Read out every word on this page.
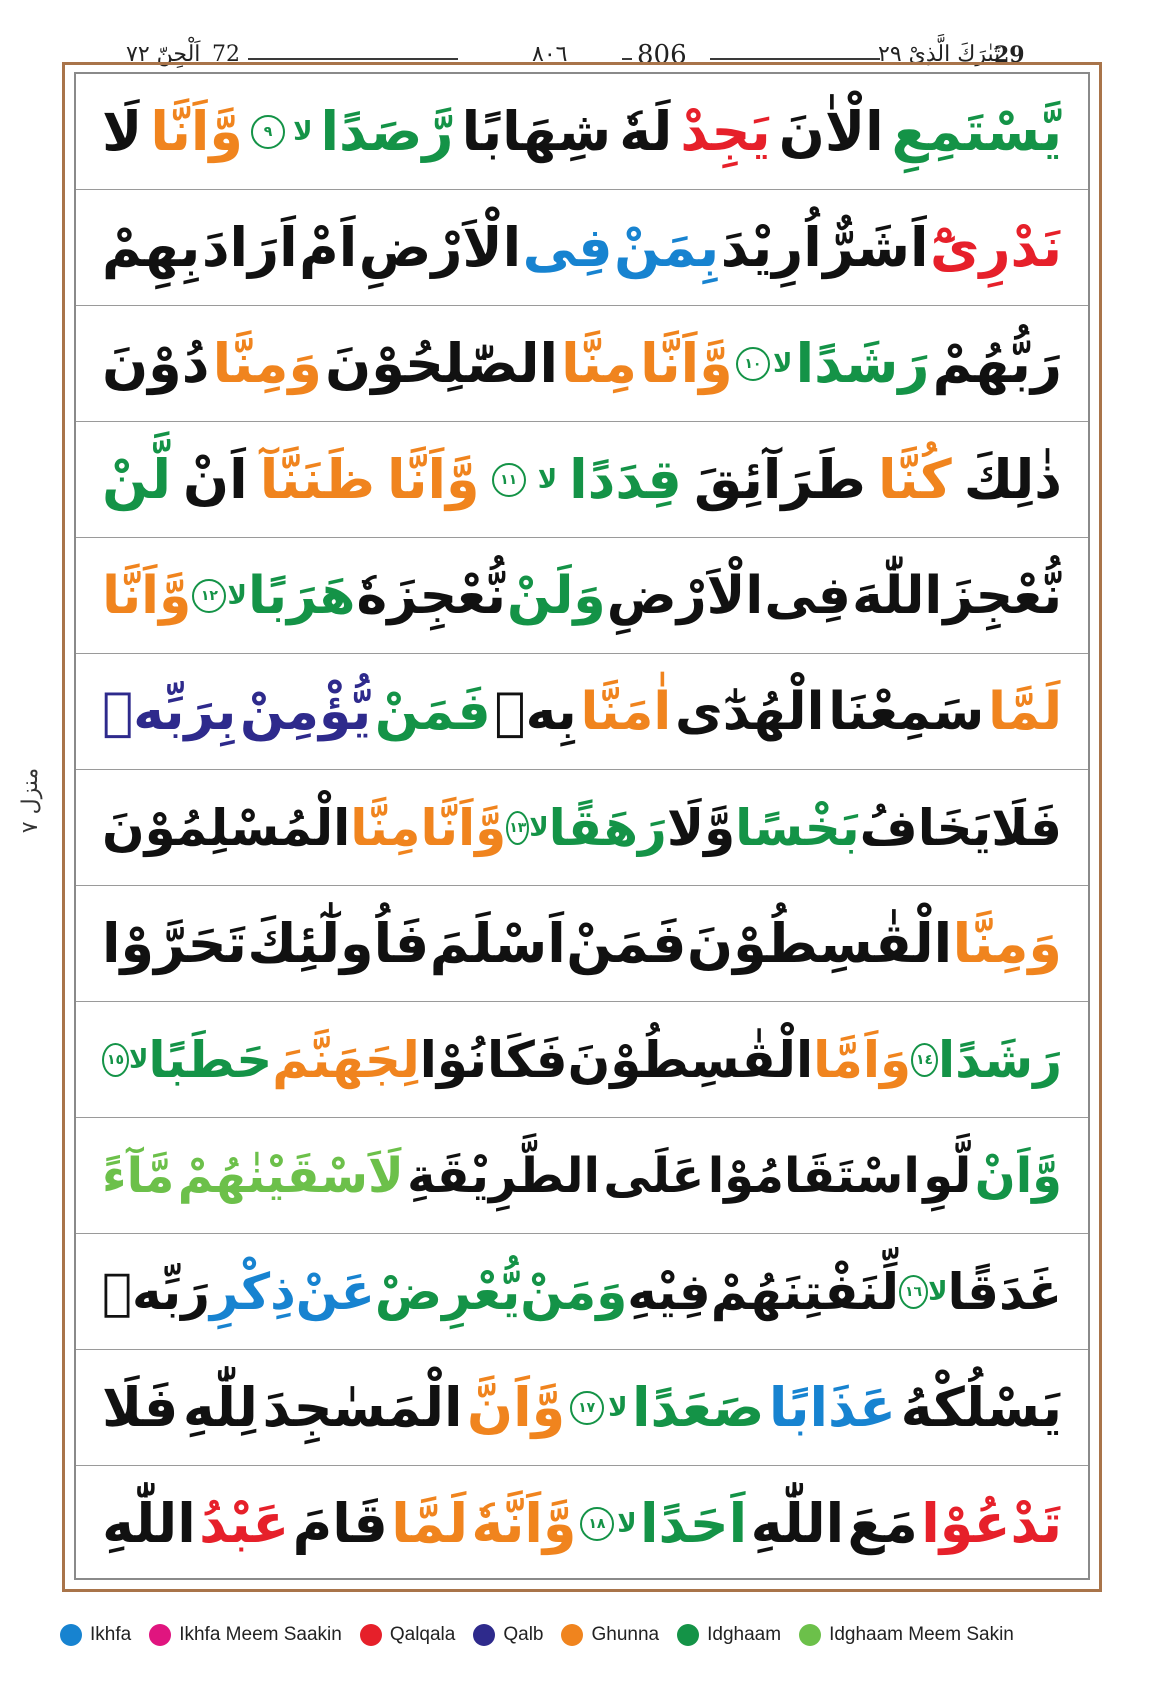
اَلْجِنّ ٧٢ 72	٨٠٦	806	تَبٰرَكَ الَّذِىْ ٢٩
29
منزل ٧
يَّسْتَمِعِ
الْاٰنَ
يَجِدْ
لَهٗ
شِهَابًا
رَّصَدًا
لا
٩
وَّاَنَّا
لَا
نَدْرِىْٓ
اَشَرٌّ
اُرِيْدَ
بِمَنْ
فِى
الْاَرْضِ
اَمْ
اَرَادَ
بِهِمْ
رَبُّهُمْ
رَشَدًا
لا
١٠
وَّاَنَّا
مِنَّا
الصّٰلِحُوْنَ
وَمِنَّا
دُوْنَ
ذٰلِكَ
كُنَّا
طَرَآئِقَ
قِدَدًا
لا
١١
وَّاَنَّا
ظَنَنَّآ
اَنْ
لَّنْ
نُّعْجِزَ
اللّٰهَ
فِى
الْاَرْضِ
وَلَنْ
نُّعْجِزَهٗ
هَرَبًا
لا
١٢
وَّاَنَّا
لَمَّا
سَمِعْنَا
الْهُدٰٓى
اٰمَنَّا
بِهٖ
فَمَنْ
يُّؤْمِنْ
بِرَبِّهٖ
فَلَا
يَخَافُ
بَخْسًا
وَّلَا
رَهَقًا
لا
١٣
وَّاَنَّا
مِنَّا
الْمُسْلِمُوْنَ
وَمِنَّا
الْقٰسِطُوْنَ
فَمَنْ
اَسْلَمَ
فَاُولٰٓئِكَ
تَحَرَّوْا
رَشَدًا
١٤
وَاَمَّا
الْقٰسِطُوْنَ
فَكَانُوْا
لِجَهَنَّمَ
حَطَبًا
لا
١٥
وَّاَنْ
لَّوِ
اسْتَقَامُوْا
عَلَى
الطَّرِيْقَةِ
لَاَسْقَيْنٰهُمْ
مَّآءً
غَدَقًا
لا
١٦
لِّنَفْتِنَهُمْ
فِيْهِ
وَمَنْ
يُّعْرِضْ
عَنْ
ذِكْرِ
رَبِّهٖ
يَسْلُكْهُ
عَذَابًا
صَعَدًا
لا
١٧
وَّاَنَّ
الْمَسٰجِدَ
لِلّٰهِ
فَلَا
تَدْعُوْا
مَعَ
اللّٰهِ
اَحَدًا
لا
١٨
وَّاَنَّهٗ
لَمَّا
قَامَ
عَبْدُ
اللّٰهِ
Ikhfa	Ikhfa Meem Saakin	Qalqala	Qalb	Ghunna	Idghaam	Idghaam Meem Sakin
